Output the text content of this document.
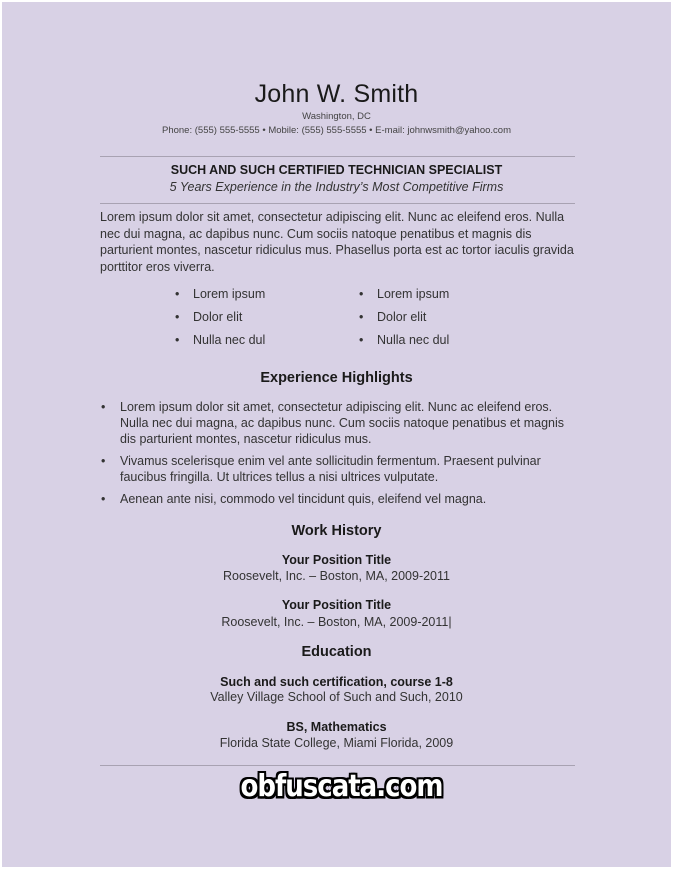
John W. Smith
Washington, DC
Phone: (555) 555-5555 • Mobile: (555) 555-5555 • E-mail: johnwsmith@yahoo.com
SUCH AND SUCH CERTIFIED TECHNICIAN SPECIALIST
5 Years Experience in the Industry’s Most Competitive Firms
Lorem ipsum dolor sit amet, consectetur adipiscing elit. Nunc ac eleifend eros. Nulla nec dui magna, ac dapibus nunc. Cum sociis natoque penatibus et magnis dis parturient montes, nascetur ridiculus mus. Phasellus porta est ac tortor iaculis gravida porttitor eros viverra.
• Lorem ipsum
• Dolor elit
• Nulla nec dul
• Lorem ipsum
• Dolor elit
• Nulla nec dul
Experience Highlights
• Lorem ipsum dolor sit amet, consectetur adipiscing elit. Nunc ac eleifend eros. Nulla nec dui magna, ac dapibus nunc. Cum sociis natoque penatibus et magnis dis parturient montes, nascetur ridiculus mus.
• Vivamus scelerisque enim vel ante sollicitudin fermentum. Praesent pulvinar faucibus fringilla. Ut ultrices tellus a nisi ultrices vulputate.
• Aenean ante nisi, commodo vel tincidunt quis, eleifend vel magna.
Work History
Your Position Title
Roosevelt, Inc. – Boston, MA, 2009-2011
Your Position Title
Roosevelt, Inc. – Boston, MA, 2009-2011|
Education
Such and such certification, course 1-8
Valley Village School of Such and Such, 2010
BS, Mathematics
Florida State College, Miami Florida, 2009
obfuscata.com
